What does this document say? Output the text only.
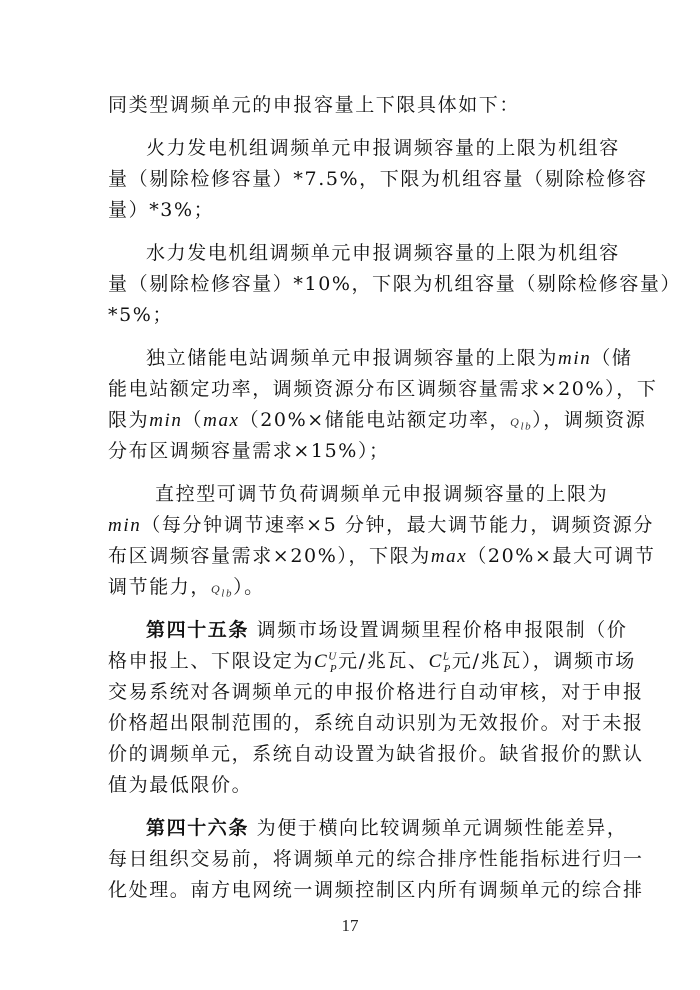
同类型调频单元的申报容量上下限具体如下：
火力发电机组调频单元申报调频容量的上限为机组容
量（剔除检修容量）*7.5%，下限为机组容量（剔除检修容
量）*3%；
水力发电机组调频单元申报调频容量的上限为机组容
量（剔除检修容量）*10%，下限为机组容量（剔除检修容量）
*5%；
独立储能电站调频单元申报调频容量的上限为min（储
能电站额定功率，调频资源分布区调频容量需求×20%），下
限为min（max（20%×储能电站额定功率，$Q_{lb}$），调频资源
分布区调频容量需求×15%）；
直控型可调节负荷调频单元申报调频容量的上限为
min（每分钟调节速率×5 分钟，最大调节能力，调频资源分
布区调频容量需求×20%），下限为max（20%×最大可调节
调节能力，$Q_{lb}$）。
第四十五条 调频市场设置调频里程价格申报限制（价
格申报上、下限设定为$C^U_P$元/兆瓦、$C^L_P$元/兆瓦），调频市场
交易系统对各调频单元的申报价格进行自动审核，对于申报
价格超出限制范围的，系统自动识别为无效报价。对于未报
价的调频单元，系统自动设置为缺省报价。缺省报价的默认
值为最低限价。
第四十六条 为便于横向比较调频单元调频性能差异，
每日组织交易前，将调频单元的综合排序性能指标进行归一
化处理。南方电网统一调频控制区内所有调频单元的综合排
17
